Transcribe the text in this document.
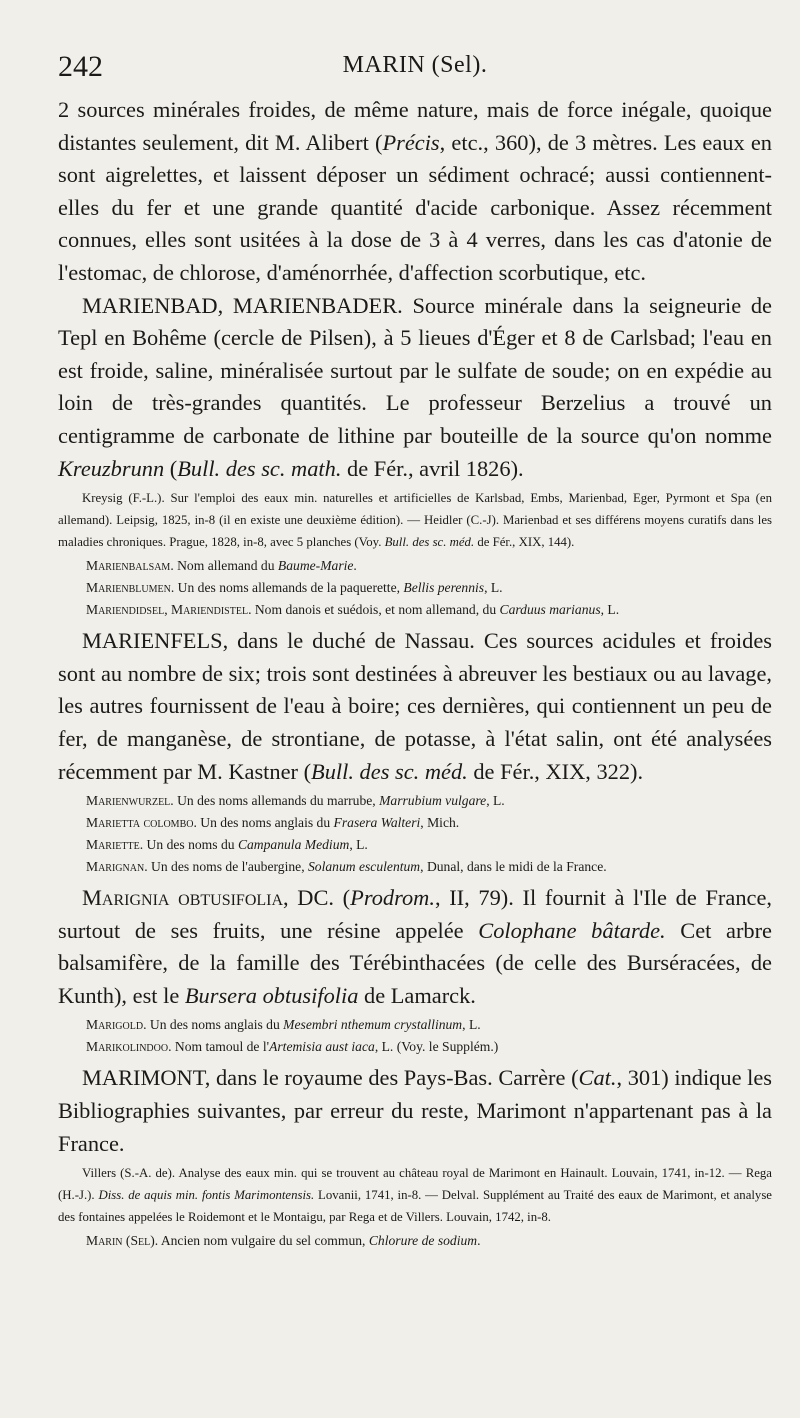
242	MARIN (Sel).

2 sources minérales froides, de même nature, mais de force inégale, quoique distantes seulement, dit M. Alibert (Précis, etc., 360), de 3 mètres. Les eaux en sont aigrelettes, et laissent déposer un sédiment ochracé; aussi contiennent-elles du fer et une grande quantité d'acide carbonique. Assez récemment connues, elles sont usitées à la dose de 3 à 4 verres, dans les cas d'atonie de l'estomac, de chlorose, d'aménorrhée, d'affection scorbutique, etc.

MARIENBAD, MARIENBADER. Source minérale dans la seigneurie de Tepl en Bohême (cercle de Pilsen), à 5 lieues d'Éger et 8 de Carlsbad; l'eau en est froide, saline, minéralisée surtout par le sulfate de soude; on en expédie au loin de très-grandes quantités. Le professeur Berzelius a trouvé un centigramme de carbonate de lithine par bouteille de la source qu'on nomme Kreuzbrunn (Bull. des sc. math. de Fér., avril 1826).

Kreysig (F.-L.). Sur l'emploi des eaux min. naturelles et artificielles de Karlsbad, Embs, Marienbad, Eger, Pyrmont et Spa (en allemand). Leipsig, 1825, in-8 (il en existe une deuxième édition). — Heidler (C.-J). Marienbad et ses différens moyens curatifs dans les maladies chroniques. Prague, 1828, in-8, avec 5 planches (Voy. Bull. des sc. méd. de Fér., XIX, 144).

Marienbalsam. Nom allemand du Baume-Marie.

Marienblumen. Un des noms allemands de la paquerette, Bellis perennis, L.

Mariendidsel, Mariendistel. Nom danois et suédois, et nom allemand, du Carduus marianus, L.

MARIENFELS, dans le duché de Nassau. Ces sources acidules et froides sont au nombre de six; trois sont destinées à abreuver les bestiaux ou au lavage, les autres fournissent de l'eau à boire; ces dernières, qui contiennent un peu de fer, de manganèse, de strontiane, de potasse, à l'état salin, ont été analysées récemment par M. Kastner (Bull. des sc. méd. de Fér., XIX, 322).

Marienwurzel. Un des noms allemands du marrube, Marrubium vulgare, L.

Marietta colombo. Un des noms anglais du Frasera Walteri, Mich.

Mariette. Un des noms du Campanula Medium, L.

Marignan. Un des noms de l'aubergine, Solanum esculentum, Dunal, dans le midi de la France.

Marignia obtusifolia, DC. (Prodrom., II, 79). Il fournit à l'Ile de France, surtout de ses fruits, une résine appelée Colophane bâtarde. Cet arbre balsamifère, de la famille des Térébinthacées (de celle des Burséracées, de Kunth), est le Bursera obtusifolia de Lamarck.

Marigold. Un des noms anglais du Mesembri nthemum crystallinum, L.

Marikolindoo. Nom tamoul de l'Artemisia aust iaca, L. (Voy. le Supplém.)

MARIMONT, dans le royaume des Pays-Bas. Carrère (Cat., 301) indique les Bibliographies suivantes, par erreur du reste, Marimont n'appartenant pas à la France.

Villers (S.-A. de). Analyse des eaux min. qui se trouvent au château royal de Marimont en Hainault. Louvain, 1741, in-12. — Rega (H.-J.). Diss. de aquis min. fontis Marimontensis. Lovanii, 1741, in-8. — Delval. Supplément au Traité des eaux de Marimont, et analyse des fontaines appelées le Roidemont et le Montaigu, par Rega et de Villers. Louvain, 1742, in-8.

Marin (Sel). Ancien nom vulgaire du sel commun, Chlorure de sodium.
